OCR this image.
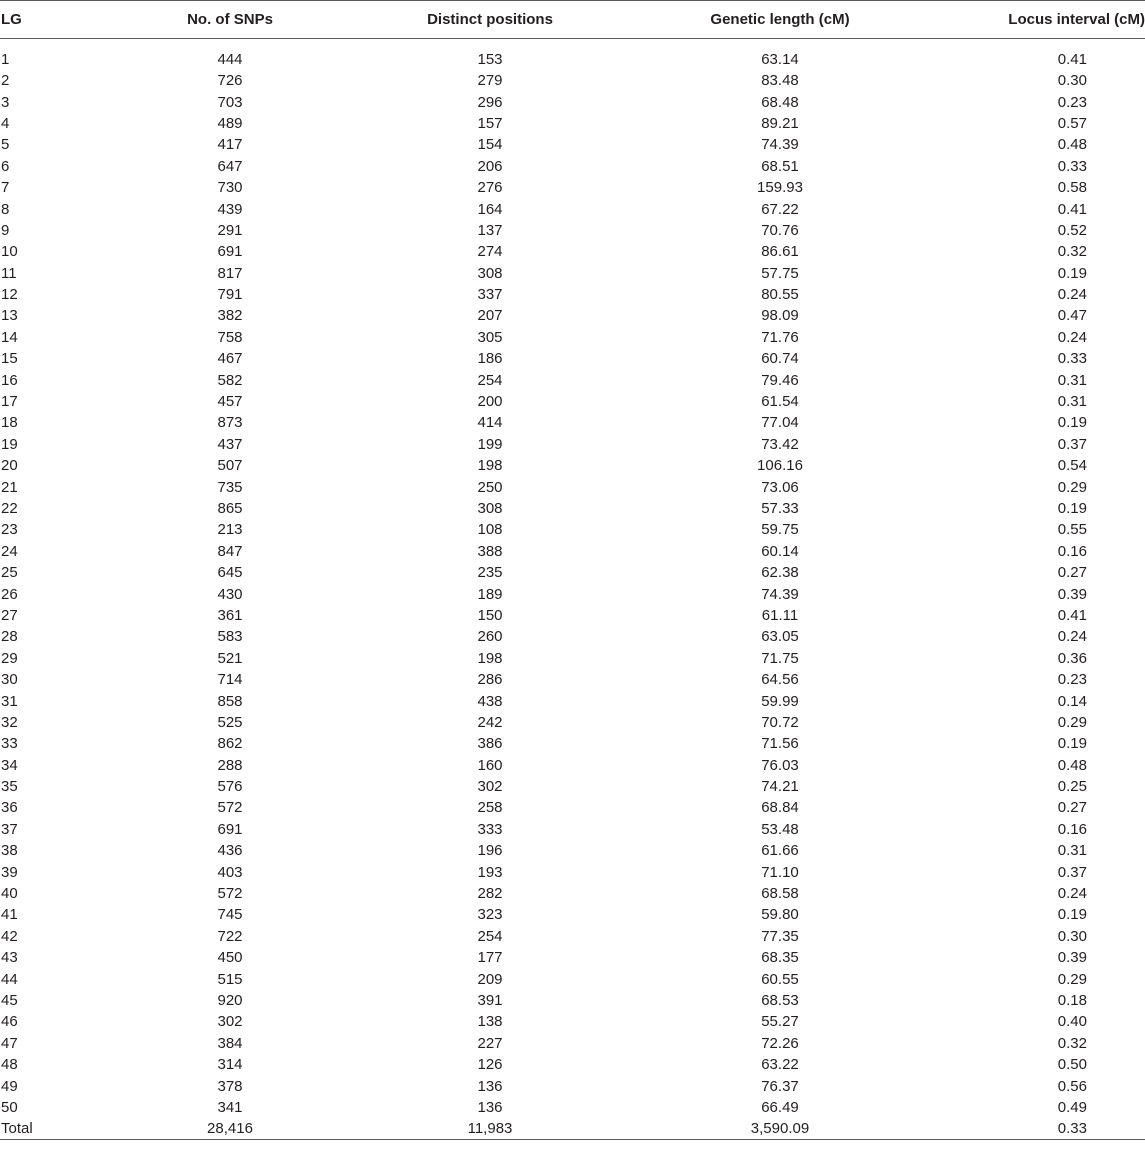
LG	No. of SNPs	Distinct positions	Genetic length (cM)	Locus interval (cM)
1	444	153	63.14	0.41
2	726	279	83.48	0.30
3	703	296	68.48	0.23
4	489	157	89.21	0.57
5	417	154	74.39	0.48
6	647	206	68.51	0.33
7	730	276	159.93	0.58
8	439	164	67.22	0.41
9	291	137	70.76	0.52
10	691	274	86.61	0.32
11	817	308	57.75	0.19
12	791	337	80.55	0.24
13	382	207	98.09	0.47
14	758	305	71.76	0.24
15	467	186	60.74	0.33
16	582	254	79.46	0.31
17	457	200	61.54	0.31
18	873	414	77.04	0.19
19	437	199	73.42	0.37
20	507	198	106.16	0.54
21	735	250	73.06	0.29
22	865	308	57.33	0.19
23	213	108	59.75	0.55
24	847	388	60.14	0.16
25	645	235	62.38	0.27
26	430	189	74.39	0.39
27	361	150	61.11	0.41
28	583	260	63.05	0.24
29	521	198	71.75	0.36
30	714	286	64.56	0.23
31	858	438	59.99	0.14
32	525	242	70.72	0.29
33	862	386	71.56	0.19
34	288	160	76.03	0.48
35	576	302	74.21	0.25
36	572	258	68.84	0.27
37	691	333	53.48	0.16
38	436	196	61.66	0.31
39	403	193	71.10	0.37
40	572	282	68.58	0.24
41	745	323	59.80	0.19
42	722	254	77.35	0.30
43	450	177	68.35	0.39
44	515	209	60.55	0.29
45	920	391	68.53	0.18
46	302	138	55.27	0.40
47	384	227	72.26	0.32
48	314	126	63.22	0.50
49	378	136	76.37	0.56
50	341	136	66.49	0.49
Total	28,416	11,983	3,590.09	0.33
